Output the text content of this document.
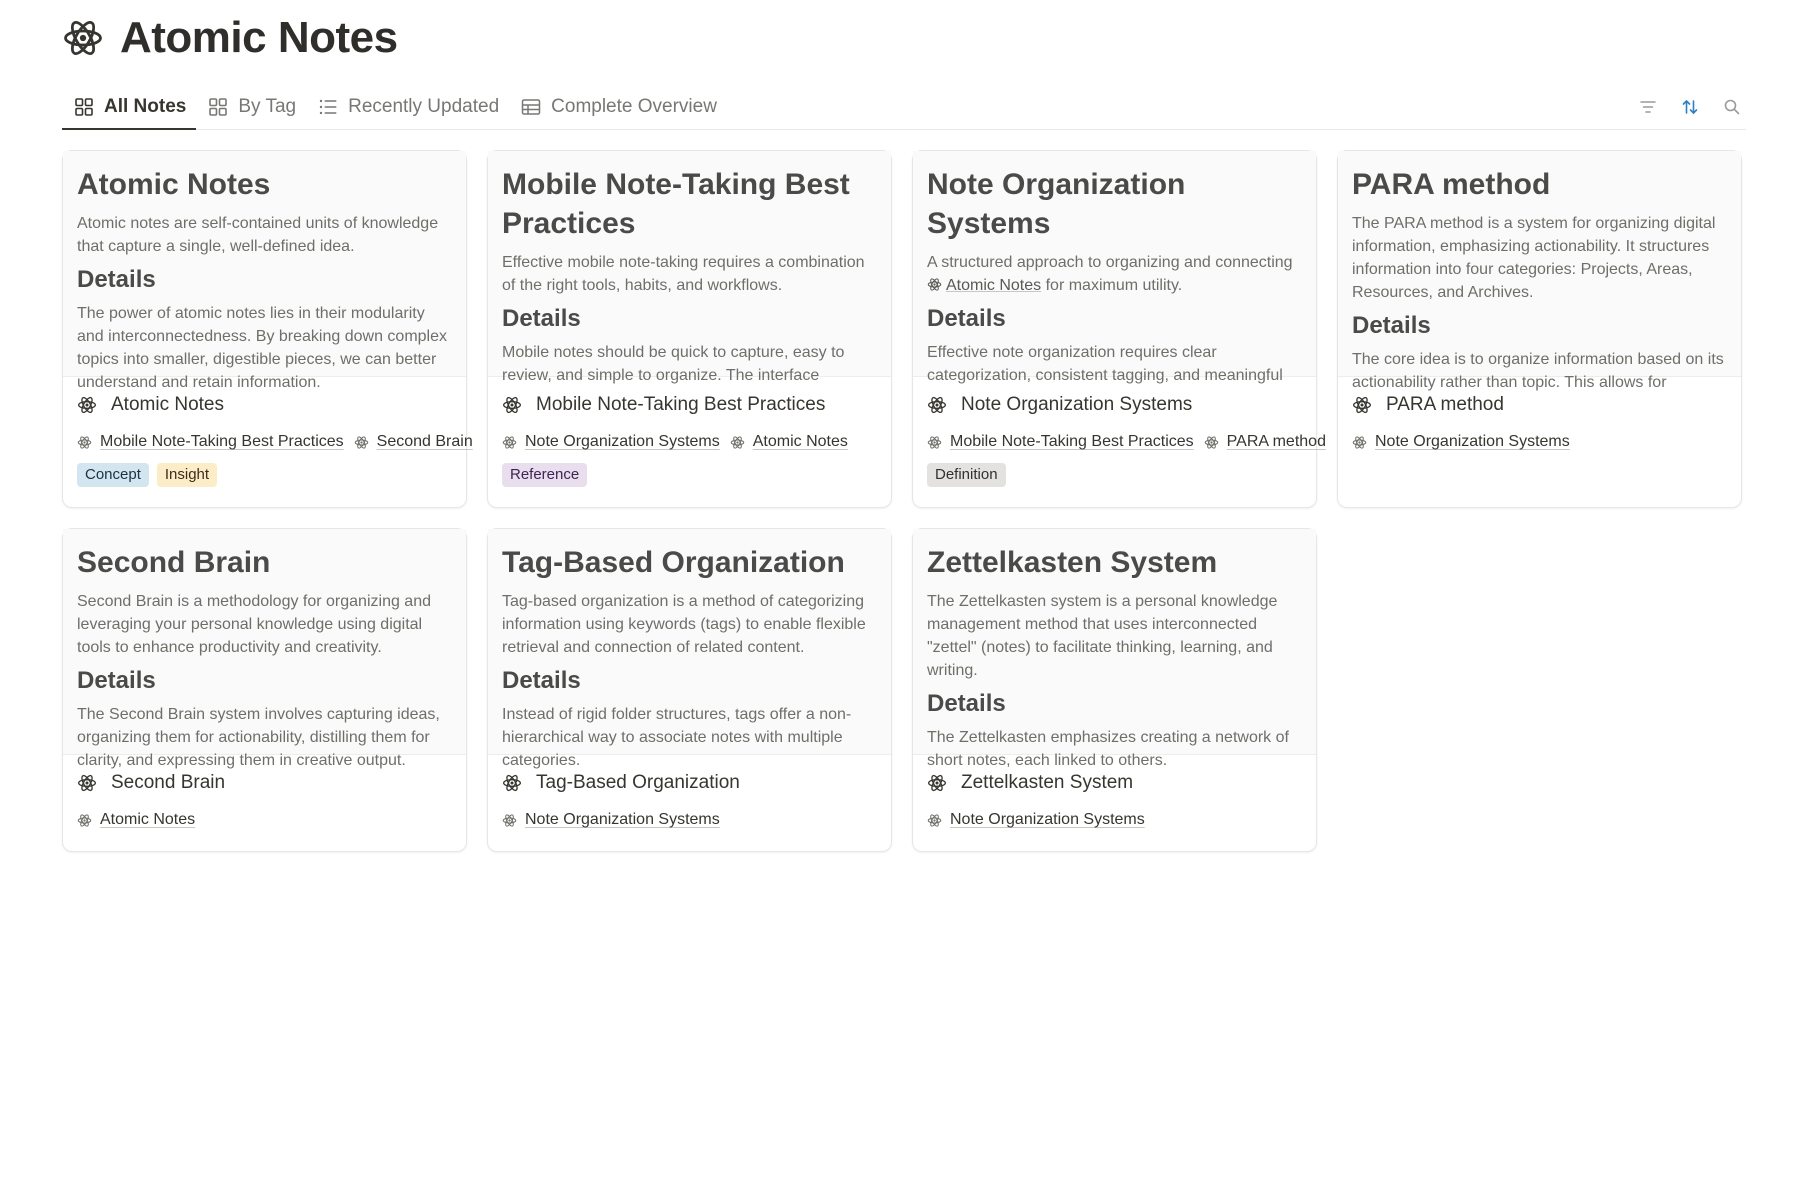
Atomic Notes
All Notes	By Tag	Recently Updated	Complete Overview
Atomic Notes
Atomic notes are self-contained units of knowledge that capture a single, well-defined idea.
Details
The power of atomic notes lies in their modularity and interconnectedness. By breaking down complex topics into smaller, digestible pieces, we can better understand and retain information.
Atomic Notes
Mobile Note-Taking Best Practices Second Brain
Concept	Insight
Mobile Note-Taking Best Practices
Effective mobile note-taking requires a combination of the right tools, habits, and workflows.
Details
Mobile notes should be quick to capture, easy to review, and simple to organize. The interface
Mobile Note-Taking Best Practices
Note Organization Systems Atomic Notes
Reference
Note Organization Systems
A structured approach to organizing and connecting Atomic Notes for maximum utility.
Details
Effective note organization requires clear categorization, consistent tagging, and meaningful
Note Organization Systems
Mobile Note-Taking Best Practices PARA method
Definition
PARA method
The PARA method is a system for organizing digital information, emphasizing actionability. It structures information into four categories: Projects, Areas, Resources, and Archives.
Details
The core idea is to organize information based on its actionability rather than topic. This allows for
PARA method
Note Organization Systems
Second Brain
Second Brain is a methodology for organizing and leveraging your personal knowledge using digital tools to enhance productivity and creativity.
Details
The Second Brain system involves capturing ideas, organizing them for actionability, distilling them for clarity, and expressing them in creative output.
Second Brain
Atomic Notes
Tag-Based Organization
Tag-based organization is a method of categorizing information using keywords (tags) to enable flexible retrieval and connection of related content.
Details
Instead of rigid folder structures, tags offer a non-hierarchical way to associate notes with multiple categories.
Tag-Based Organization
Note Organization Systems
Zettelkasten System
The Zettelkasten system is a personal knowledge management method that uses interconnected "zettel" (notes) to facilitate thinking, learning, and writing.
Details
The Zettelkasten emphasizes creating a network of short notes, each linked to others.
Zettelkasten System
Note Organization Systems
